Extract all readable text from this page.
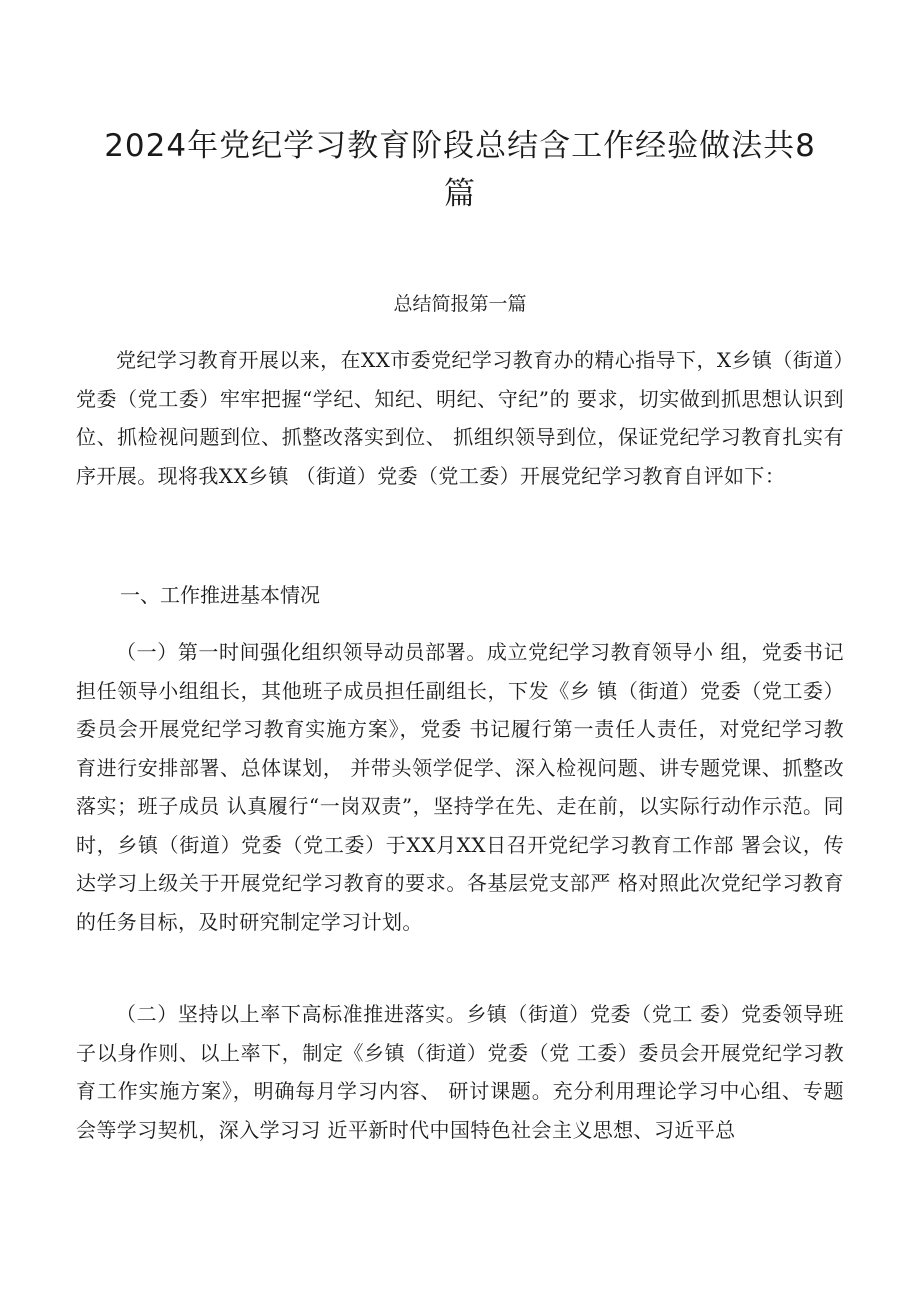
2024年党纪学习教育阶段总结含工作经验做法共8篇
总结简报第一篇

党纪学习教育开展以来，在XX市委党纪学习教育办的精心指导下，X乡镇（街道）党委（党工委）牢牢把握“学纪、知纪、明纪、守纪”的 要求，切实做到抓思想认识到位、抓检视问题到位、抓整改落实到位、 抓组织领导到位，保证党纪学习教育扎实有序开展。现将我XX乡镇 （街道）党委（党工委）开展党纪学习教育自评如下：

一、工作推进基本情况

（一）第一时间强化组织领导动员部署。成立党纪学习教育领导小 组，党委书记担任领导小组组长，其他班子成员担任副组长，下发《乡 镇（街道）党委（党工委）委员会开展党纪学习教育实施方案》，党委 书记履行第一责任人责任，对党纪学习教育进行安排部署、总体谋划， 并带头领学促学、深入检视问题、讲专题党课、抓整改落实；班子成员 认真履行“一岗双责”，坚持学在先、走在前，以实际行动作示范。同时，乡镇（街道）党委（党工委）于XX月XX日召开党纪学习教育工作部 署会议，传达学习上级关于开展党纪学习教育的要求。各基层党支部严 格对照此次党纪学习教育的任务目标，及时研究制定学习计划。

（二）坚持以上率下高标准推进落实。乡镇（街道）党委（党工 委）党委领导班子以身作则、以上率下，制定《乡镇（街道）党委（党 工委）委员会开展党纪学习教育工作实施方案》，明确每月学习内容、 研讨课题。充分利用理论学习中心组、专题会等学习契机，深入学习习 近平新时代中国特色社会主义思想、习近平总
